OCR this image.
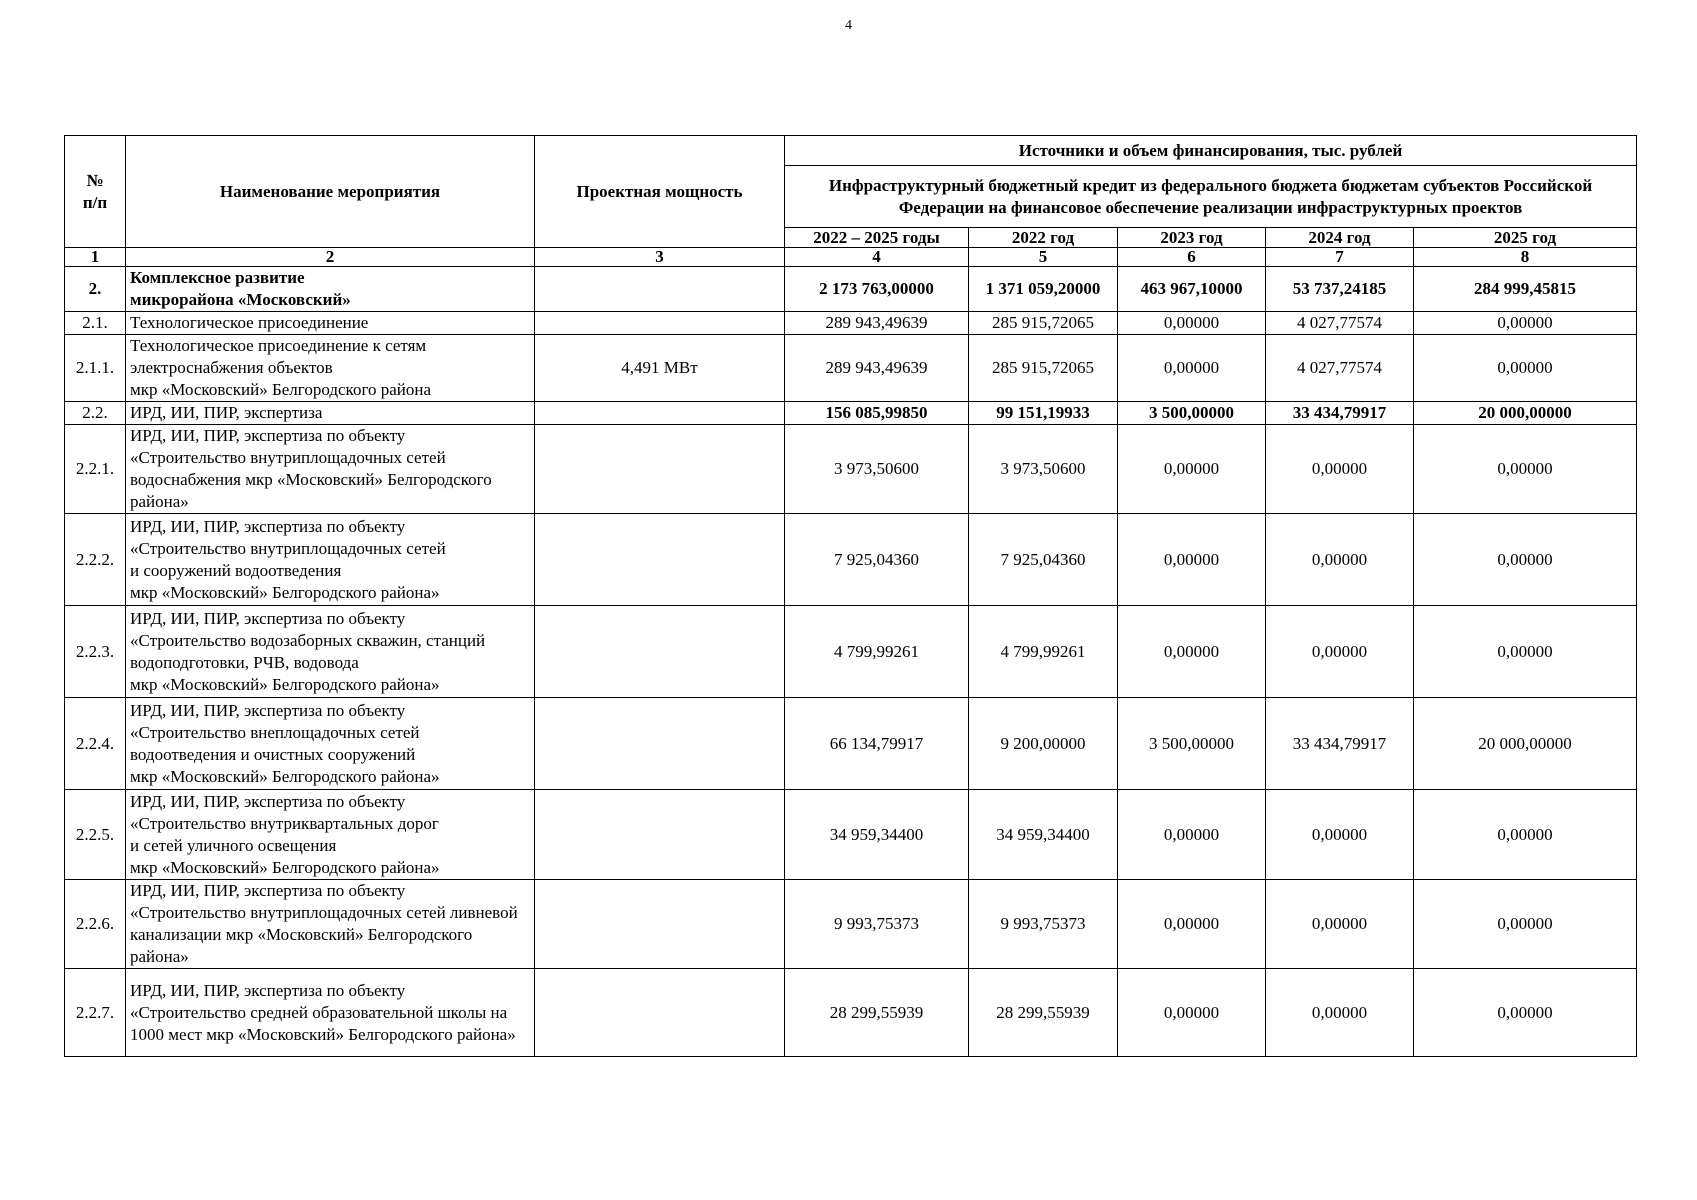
4
№
п/п	Наименование мероприятия	Проектная мощность	Источники и объем финансирования, тыс. рублей				
			Инфраструктурный бюджетный кредит из федерального бюджета бюджетам субъектов Российской Федерации на финансовое обеспечение реализации инфраструктурных проектов				
			2022 – 2025 годы	2022 год	2023 год	2024 год	2025 год
1	2	3	4	5	6	7	8
2.	Комплексное развитие
микрорайона «Московский»		2 173 763,00000	1 371 059,20000	463 967,10000	53 737,24185	284 999,45815
2.1.	Технологическое присоединение		289 943,49639	285 915,72065	0,00000	4 027,77574	0,00000
2.1.1.	Технологическое присоединение к сетям
электроснабжения объектов
мкр «Московский» Белгородского района	4,491 МВт	289 943,49639	285 915,72065	0,00000	4 027,77574	0,00000
2.2.	ИРД, ИИ, ПИР, экспертиза		156 085,99850	99 151,19933	3 500,00000	33 434,79917	20 000,00000
2.2.1.	ИРД, ИИ, ПИР, экспертиза по объекту
«Строительство внутриплощадочных сетей
водоснабжения мкр «Московский» Белгородского
района»		3 973,50600	3 973,50600	0,00000	0,00000	0,00000
2.2.2.	ИРД, ИИ, ПИР, экспертиза по объекту
«Строительство внутриплощадочных сетей
и сооружений водоотведения
мкр «Московский» Белгородского района»		7 925,04360	7 925,04360	0,00000	0,00000	0,00000
2.2.3.	ИРД, ИИ, ПИР, экспертиза по объекту
«Строительство водозаборных скважин, станций
водоподготовки, РЧВ, водовода
мкр «Московский» Белгородского района»		4 799,99261	4 799,99261	0,00000	0,00000	0,00000
2.2.4.	ИРД, ИИ, ПИР, экспертиза по объекту
«Строительство внеплощадочных сетей
водоотведения и очистных сооружений
мкр «Московский» Белгородского района»		66 134,79917	9 200,00000	3 500,00000	33 434,79917	20 000,00000
2.2.5.	ИРД, ИИ, ПИР, экспертиза по объекту
«Строительство внутриквартальных дорог
и сетей уличного освещения
мкр «Московский» Белгородского района»		34 959,34400	34 959,34400	0,00000	0,00000	0,00000
2.2.6.	ИРД, ИИ, ПИР, экспертиза по объекту
«Строительство внутриплощадочных сетей ливневой
канализации мкр «Московский» Белгородского
района»		9 993,75373	9 993,75373	0,00000	0,00000	0,00000
2.2.7.	ИРД, ИИ, ПИР, экспертиза по объекту
«Строительство средней образовательной школы на
1000 мест мкр «Московский» Белгородского района»		28 299,55939	28 299,55939	0,00000	0,00000	0,00000
